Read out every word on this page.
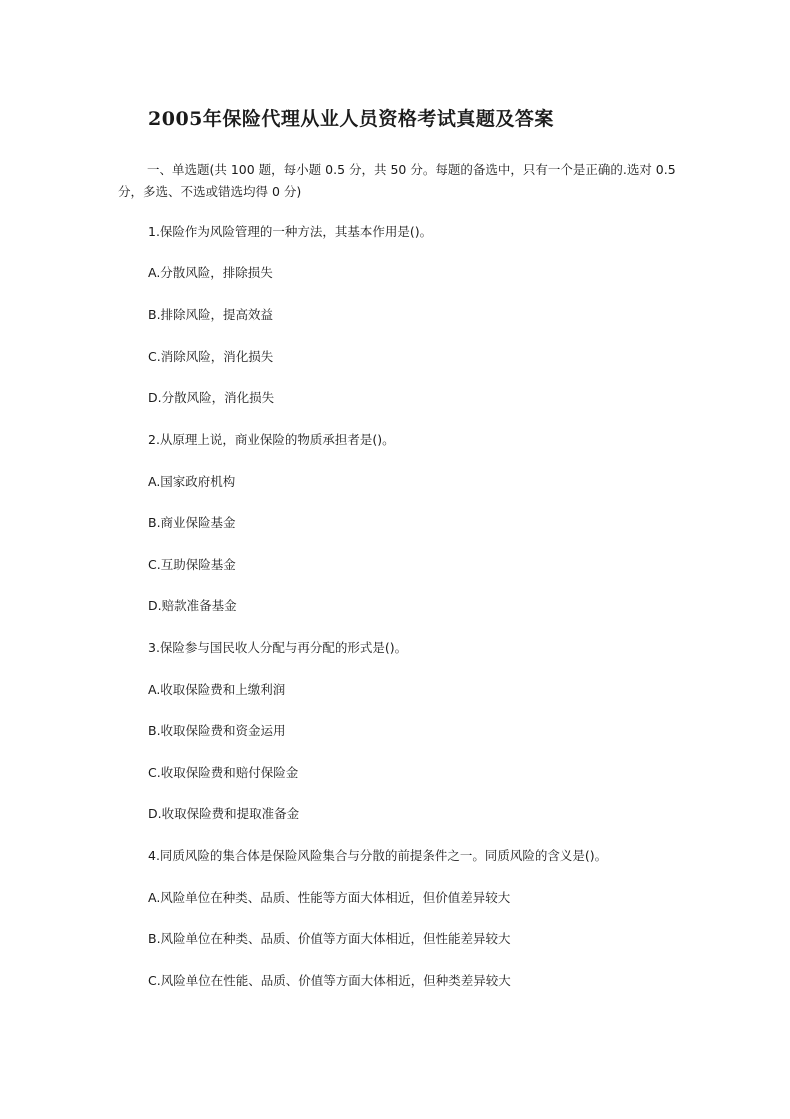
2005年保险代理从业人员资格考试真题及答案
一、单选题(共 100 题，每小题 0.5 分，共 50 分。每题的备选中，只有一个是正确的.选对 0.5 分，多选、不选或错选均得 0 分)
1.保险作为风险管理的一种方法，其基本作用是()。
A.分散风险，排除损失
B.排除风险，提高效益
C.消除风险，消化损失
D.分散风险，消化损失
2.从原理上说，商业保险的物质承担者是()。
A.国家政府机构
B.商业保险基金
C.互助保险基金
D.赔款准备基金
3.保险参与国民收人分配与再分配的形式是()。
A.收取保险费和上缴利润
B.收取保险费和资金运用
C.收取保险费和赔付保险金
D.收取保险费和提取准备金
4.同质风险的集合体是保险风险集合与分散的前提条件之一。同质风险的含义是()。
A.风险单位在种类、品质、性能等方面大体相近，但价值差异较大
B.风险单位在种类、品质、价值等方面大体相近，但性能差异较大
C.风险单位在性能、品质、价值等方面大体相近，但种类差异较大
